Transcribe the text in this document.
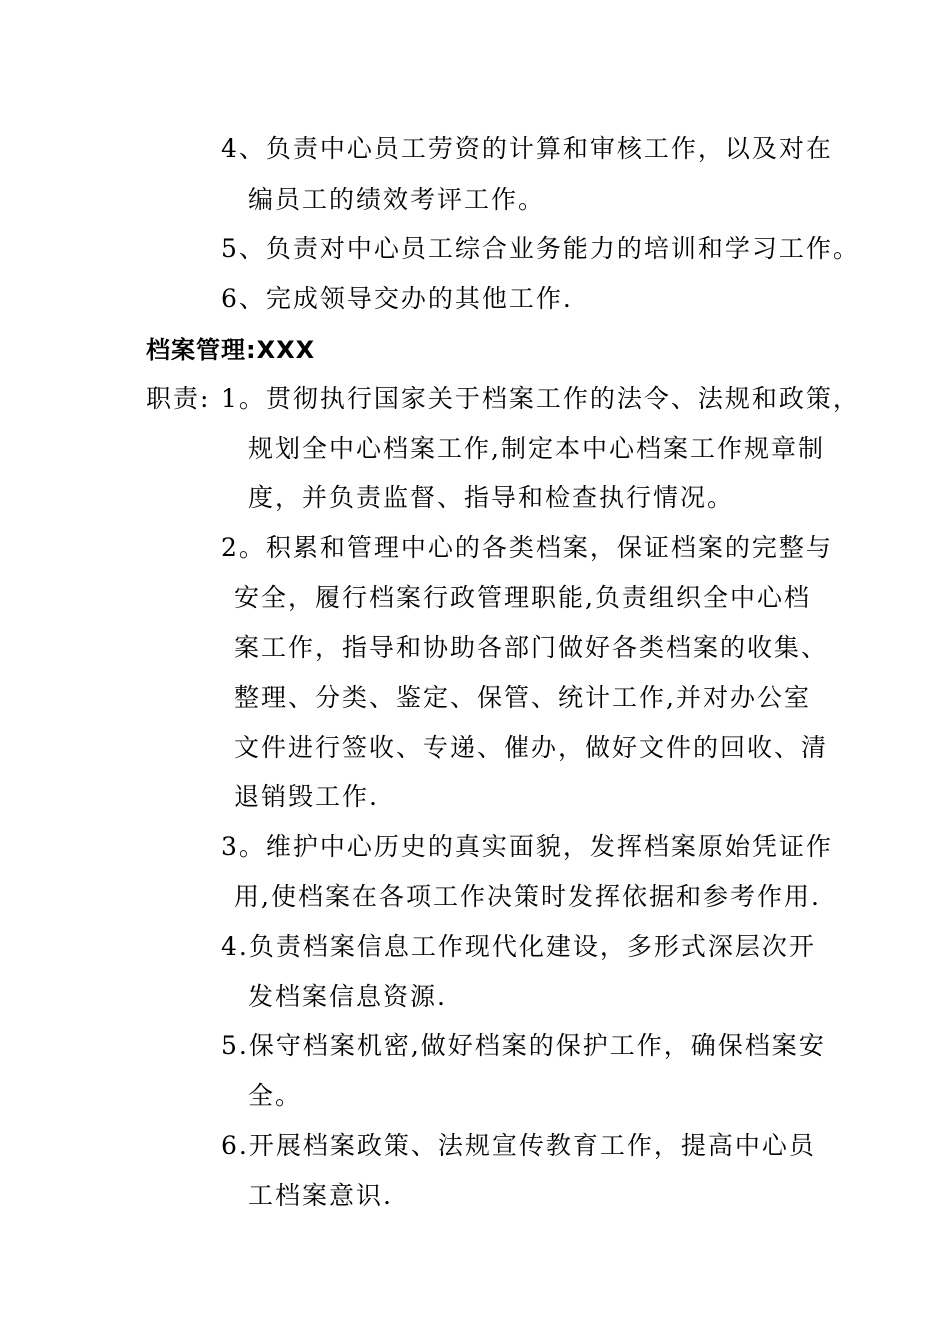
4、负责中心员工劳资的计算和审核工作，以及对在
编员工的绩效考评工作。
5、负责对中心员工综合业务能力的培训和学习工作。
6、完成领导交办的其他工作.
档案管理:XXX
职责: 1。贯彻执行国家关于档案工作的法令、法规和政策，
规划全中心档案工作,制定本中心档案工作规章制
度，并负责监督、指导和检查执行情况。
2。积累和管理中心的各类档案，保证档案的完整与
安全，履行档案行政管理职能,负责组织全中心档
案工作，指导和协助各部门做好各类档案的收集、
整理、分类、鉴定、保管、统计工作,并对办公室
文件进行签收、专递、催办，做好文件的回收、清
退销毁工作.
3。维护中心历史的真实面貌，发挥档案原始凭证作
用,使档案在各项工作决策时发挥依据和参考作用.
4.负责档案信息工作现代化建设，多形式深层次开
发档案信息资源.
5.保守档案机密,做好档案的保护工作，确保档案安
全。
6.开展档案政策、法规宣传教育工作，提高中心员
工档案意识.
